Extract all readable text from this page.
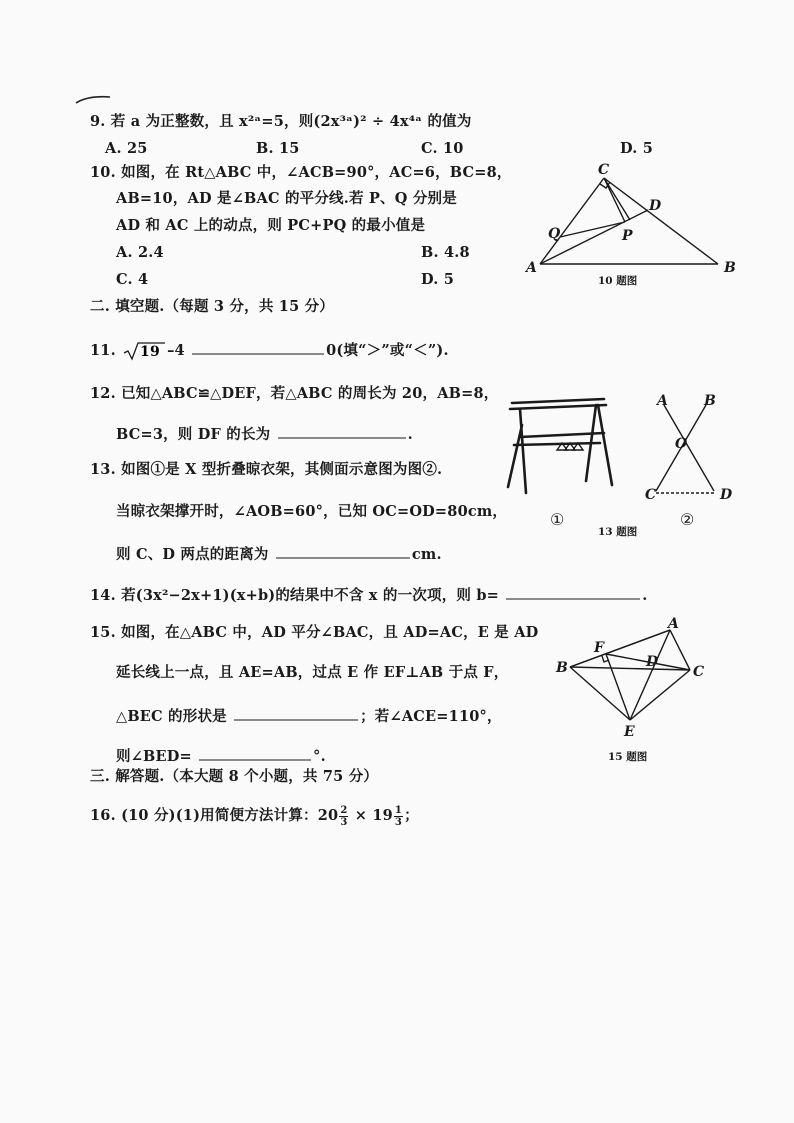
9. 若 a 为正整数，且 x²ᵃ=5，则(2x³ᵃ)² ÷ 4x⁴ᵃ 的值为
A. 25	B. 15	C. 10	D. 5
10. 如图，在 Rt△ABC 中，∠ACB=90°，AC=6，BC=8，
AB=10，AD 是∠BAC 的平分线.若 P、Q 分别是
AD 和 AC 上的动点，则 PC+PQ 的最小值是
A. 2.4	B. 4.8
C. 4	D. 5
C
D
Q	P
A	B
10 题图
二. 填空题.（每题 3 分，共 15 分）
11. 19 –4	0(填“＞”或“＜”).
12. 已知△ABC≌△DEF，若△ABC 的周长为 20，AB=8，
BC=3，则 DF 的长为	.
13. 如图①是 X 型折叠晾衣架，其侧面示意图为图②.
当晾衣架撑开时，∠AOB=60°，已知 OC=OD=80cm，
则 C、D 两点的距离为	cm.
①
A	B
O
C	D
②
13 题图
14. 若(3x²−2x+1)(x+b)的结果中不含 x 的一次项，则 b=	.
15. 如图，在△ABC 中，AD 平分∠BAC，且 AD=AC，E 是 AD
延长线上一点，且 AE=AB，过点 E 作 EF⊥AB 于点 F，
△BEC 的形状是	；若∠ACE=110°，
则∠BED=	°.
A
F
B	D
C
E
15 题图
三. 解答题.（本大题 8 个小题，共 75 分）
16. (10 分)(1)用简便方法计算：$20 \frac{2}{3} \times 19 \frac{1}{3}$ ；
